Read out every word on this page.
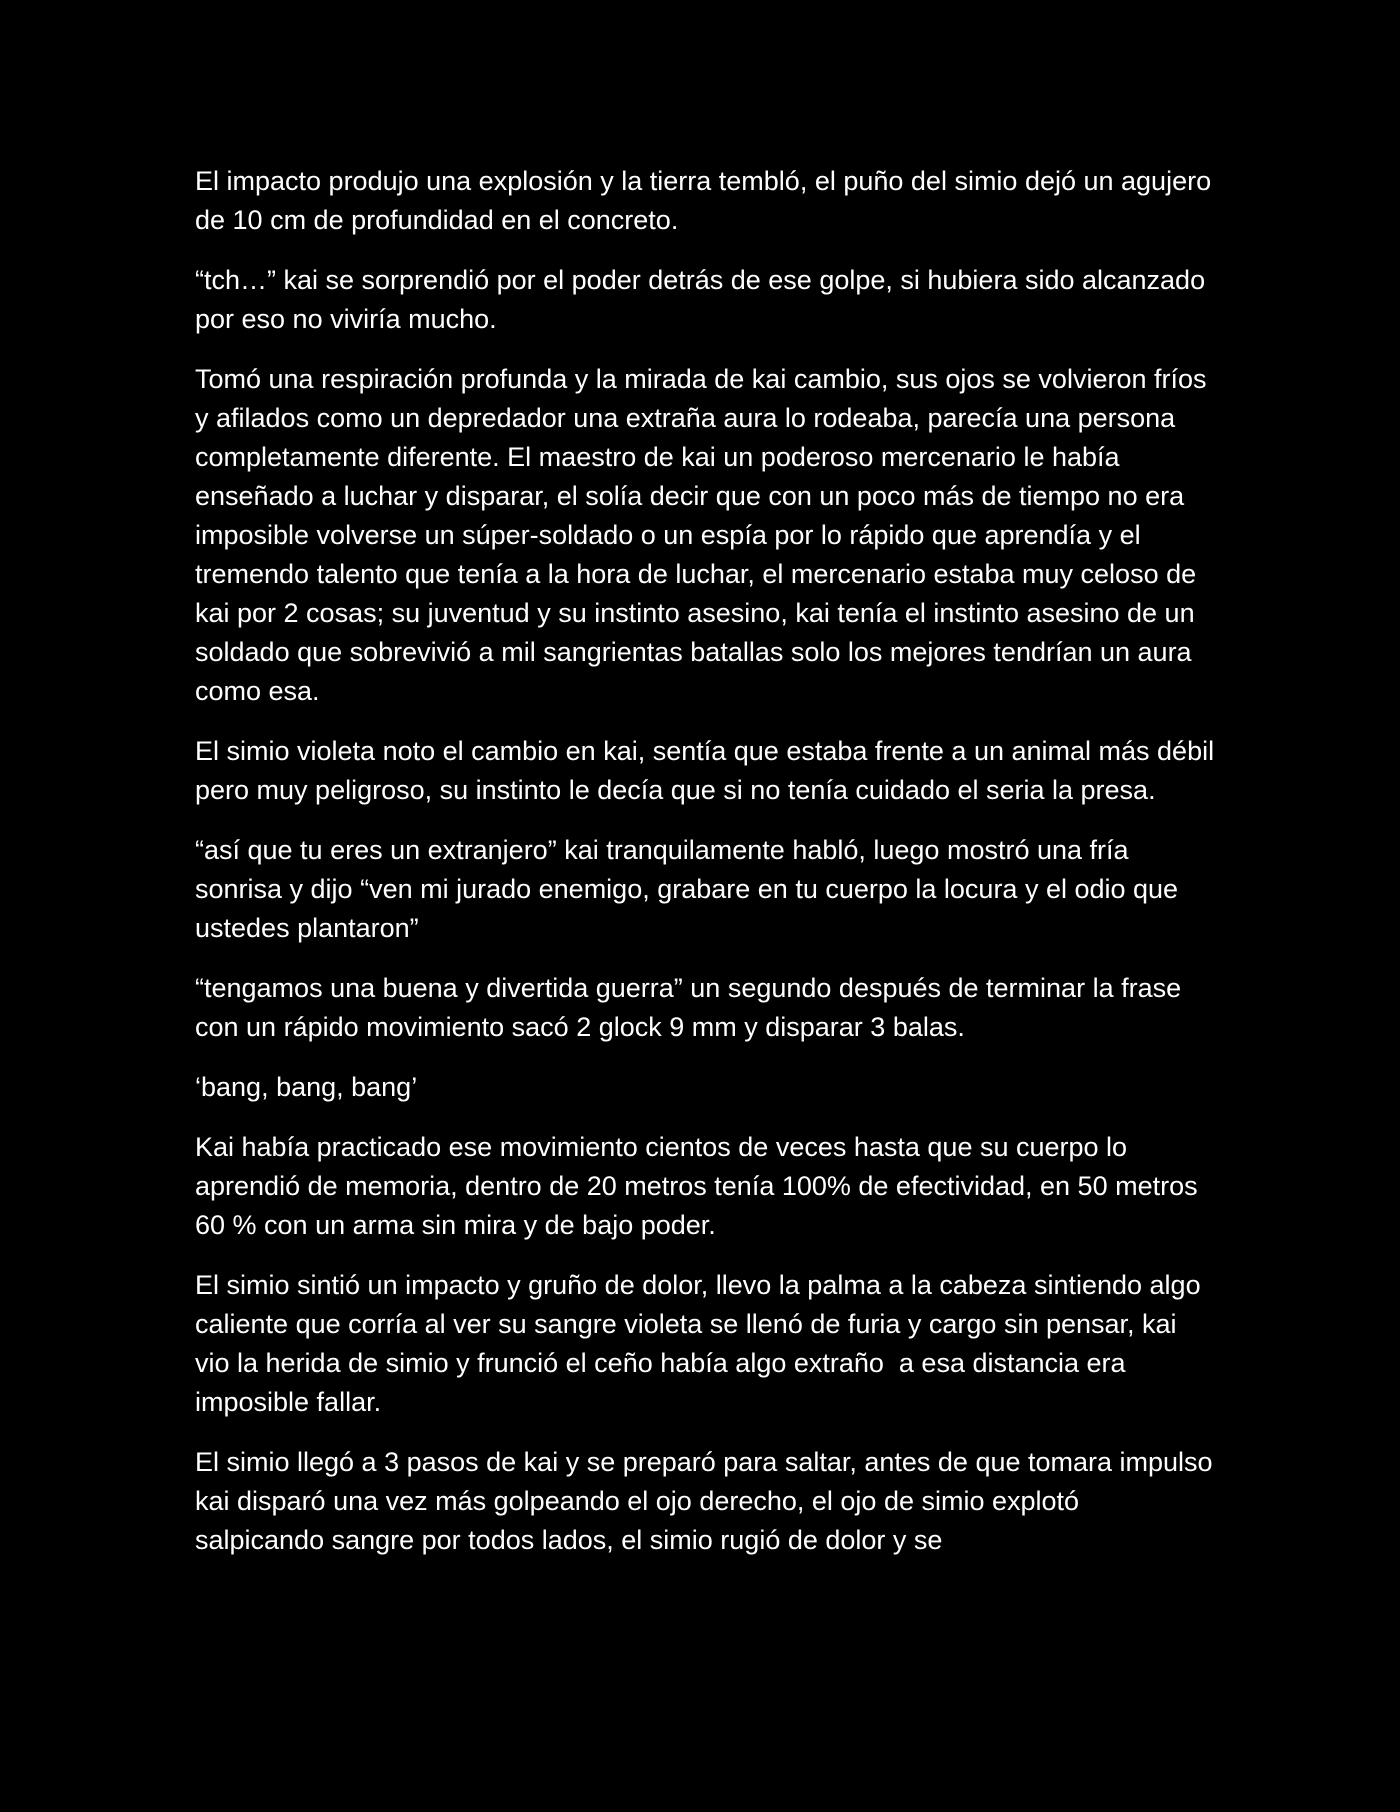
El impacto produjo una explosión y la tierra tembló, el puño del simio dejó un agujero de 10 cm de profundidad en el concreto.

“tch…” kai se sorprendió por el poder detrás de ese golpe, si hubiera sido alcanzado por eso no viviría mucho.

Tomó una respiración profunda y la mirada de kai cambio, sus ojos se volvieron fríos y afilados como un depredador una extraña aura lo rodeaba, parecía una persona completamente diferente. El maestro de kai un poderoso mercenario le había enseñado a luchar y disparar, el solía decir que con un poco más de tiempo no era imposible volverse un súper-soldado o un espía por lo rápido que aprendía y el tremendo talento que tenía a la hora de luchar, el mercenario estaba muy celoso de kai por 2 cosas; su juventud y su instinto asesino, kai tenía el instinto asesino de un soldado que sobrevivió a mil sangrientas batallas solo los mejores tendrían un aura como esa.

El simio violeta noto el cambio en kai, sentía que estaba frente a un animal más débil pero muy peligroso, su instinto le decía que si no tenía cuidado el seria la presa.

“así que tu eres un extranjero” kai tranquilamente habló, luego mostró una fría sonrisa y dijo “ven mi jurado enemigo, grabare en tu cuerpo la locura y el odio que ustedes plantaron”

“tengamos una buena y divertida guerra” un segundo después de terminar la frase con un rápido movimiento sacó 2 glock 9 mm y disparar 3 balas.

‘bang, bang, bang’

Kai había practicado ese movimiento cientos de veces hasta que su cuerpo lo aprendió de memoria, dentro de 20 metros tenía 100% de efectividad, en 50 metros 60 % con un arma sin mira y de bajo poder.

El simio sintió un impacto y gruño de dolor, llevo la palma a la cabeza sintiendo algo caliente que corría al ver su sangre violeta se llenó de furia y cargo sin pensar, kai vio la herida de simio y frunció el ceño había algo extraño  a esa distancia era imposible fallar.

El simio llegó a 3 pasos de kai y se preparó para saltar, antes de que tomara impulso kai disparó una vez más golpeando el ojo derecho, el ojo de simio explotó salpicando sangre por todos lados, el simio rugió de dolor y se
